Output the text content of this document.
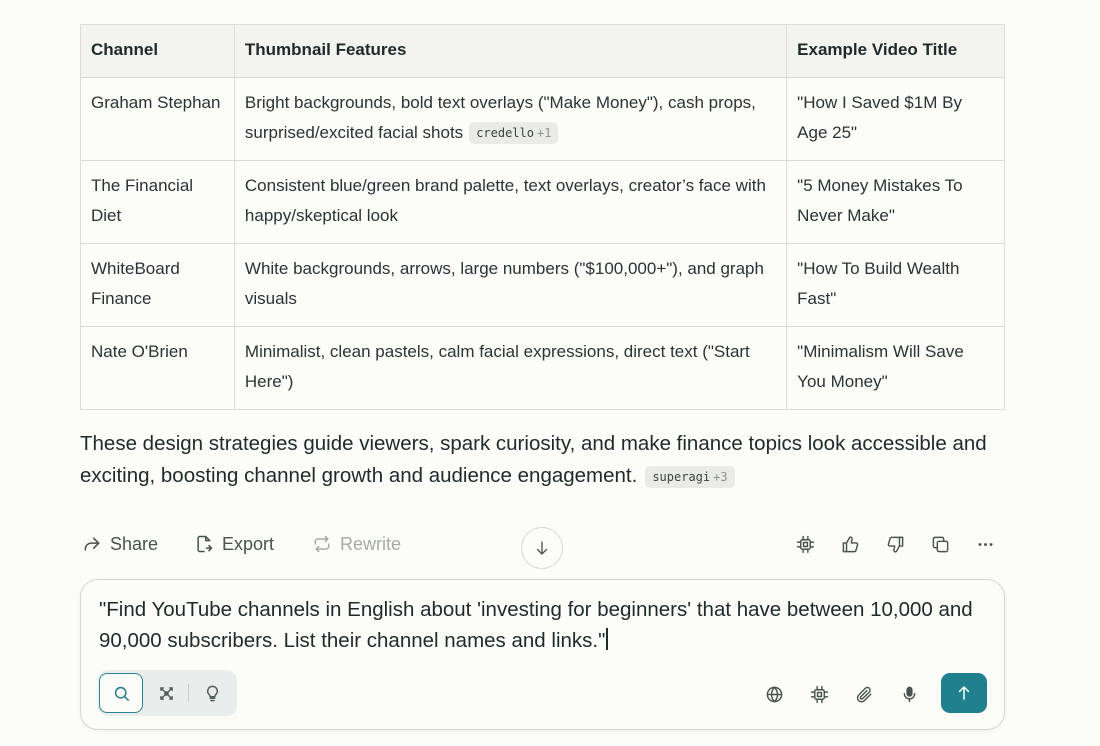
Channel	Thumbnail Features	Example Video Title
Graham Stephan	Bright backgrounds, bold text overlays ("Make Money"), cash props, surprised/excited facial shots credello +1	"How I Saved $1M By Age 25"
The Financial Diet	Consistent blue/green brand palette, text overlays, creator’s face with happy/skeptical look	"5 Money Mistakes To Never Make"
WhiteBoard Finance	White backgrounds, arrows, large numbers ("$100,000+"), and graph visuals	"How To Build Wealth Fast"
Nate O'Brien	Minimalist, clean pastels, calm facial expressions, direct text ("Start Here")	"Minimalism Will Save You Money"

These design strategies guide viewers, spark curiosity, and make finance topics look accessible and exciting, boosting channel growth and audience engagement. superagi +3

Share	Export	Rewrite
"Find YouTube channels in English about 'investing for beginners' that have between 10,000 and 90,000 subscribers. List their channel names and links."
